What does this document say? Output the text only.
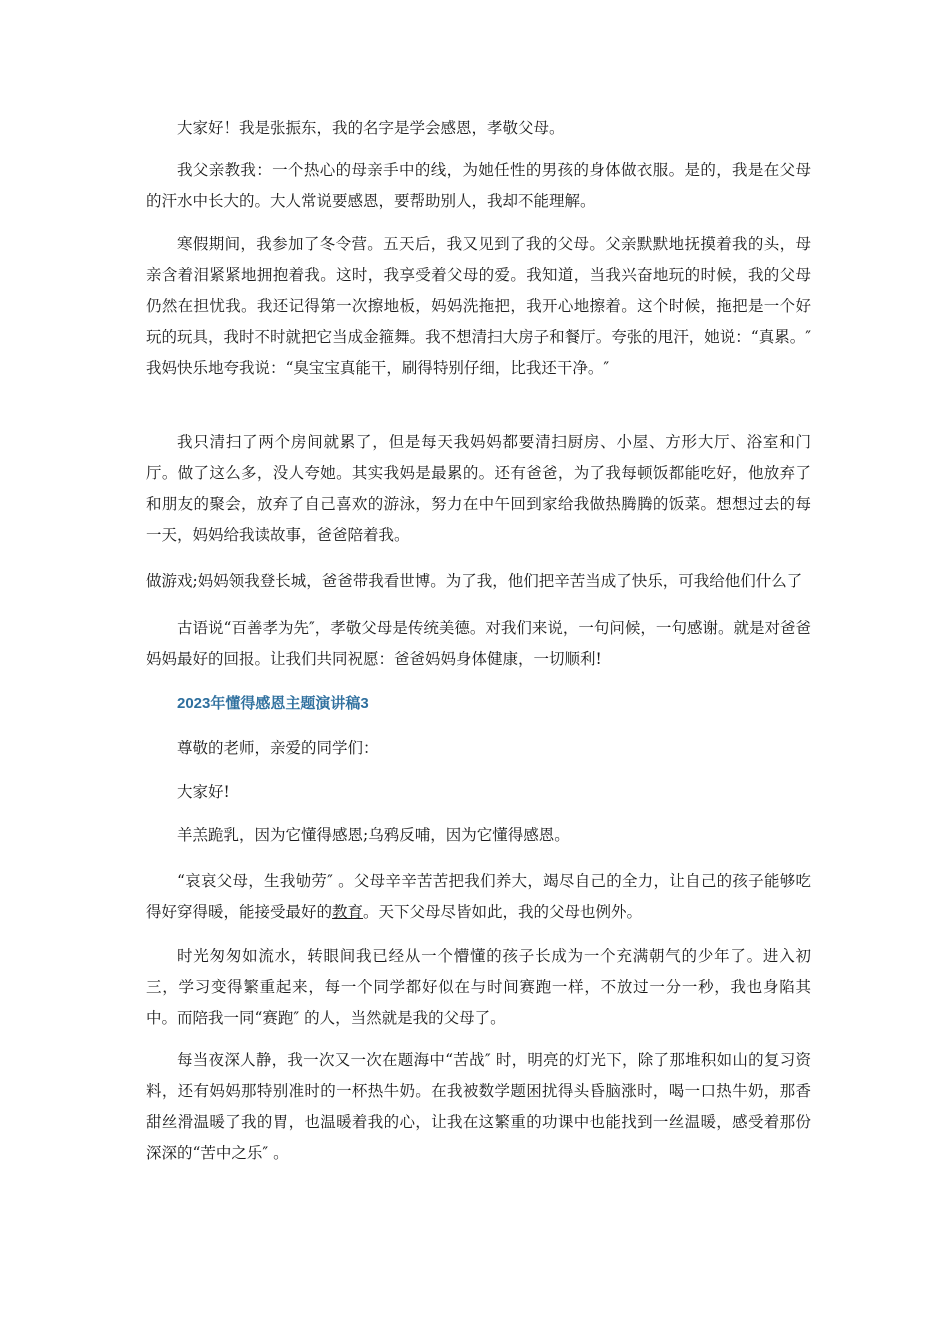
大家好！我是张振东，我的名字是学会感恩，孝敬父母。

我父亲教我：一个热心的母亲手中的线，为她任性的男孩的身体做衣服。是的，我是在父母的汗水中长大的。大人常说要感恩，要帮助别人，我却不能理解。

寒假期间，我参加了冬令营。五天后，我又见到了我的父母。父亲默默地抚摸着我的头，母亲含着泪紧紧地拥抱着我。这时，我享受着父母的爱。我知道，当我兴奋地玩的时候，我的父母仍然在担忧我。我还记得第一次擦地板，妈妈洗拖把，我开心地擦着。这个时候，拖把是一个好玩的玩具，我时不时就把它当成金箍舞。我不想清扫大房子和餐厅。夸张的甩汗，她说：“真累。″ 我妈快乐地夸我说：“臭宝宝真能干，刷得特别仔细，比我还干净。″

我只清扫了两个房间就累了，但是每天我妈妈都要清扫厨房、小屋、方形大厅、浴室和门厅。做了这么多，没人夸她。其实我妈是最累的。还有爸爸，为了我每顿饭都能吃好，他放弃了和朋友的聚会，放弃了自己喜欢的游泳，努力在中午回到家给我做热腾腾的饭菜。想想过去的每一天，妈妈给我读故事，爸爸陪着我。

做游戏;妈妈领我登长城，爸爸带我看世博。为了我，他们把辛苦当成了快乐，可我给他们什么了

古语说“百善孝为先″，孝敬父母是传统美德。对我们来说，一句问候，一句感谢。就是对爸爸妈妈最好的回报。让我们共同祝愿：爸爸妈妈身体健康，一切顺利!

2023年懂得感恩主题演讲稿3

尊敬的老师，亲爱的同学们：

大家好!

羊羔跪乳，因为它懂得感恩;乌鸦反哺，因为它懂得感恩。

“哀哀父母，生我劬劳″ 。父母辛辛苦苦把我们养大，竭尽自己的全力，让自己的孩子能够吃得好穿得暖，能接受最好的教育。天下父母尽皆如此，我的父母也例外。

时光匆匆如流水，转眼间我已经从一个懵懂的孩子长成为一个充满朝气的少年了。进入初三，学习变得繁重起来，每一个同学都好似在与时间赛跑一样，不放过一分一秒，我也身陷其中。而陪我一同“赛跑″ 的人，当然就是我的父母了。

每当夜深人静，我一次又一次在题海中“苦战″ 时，明亮的灯光下，除了那堆积如山的复习资料，还有妈妈那特别准时的一杯热牛奶。在我被数学题困扰得头昏脑涨时，喝一口热牛奶，那香甜丝滑温暖了我的胃，也温暖着我的心，让我在这繁重的功课中也能找到一丝温暖，感受着那份深深的“苦中之乐″ 。
